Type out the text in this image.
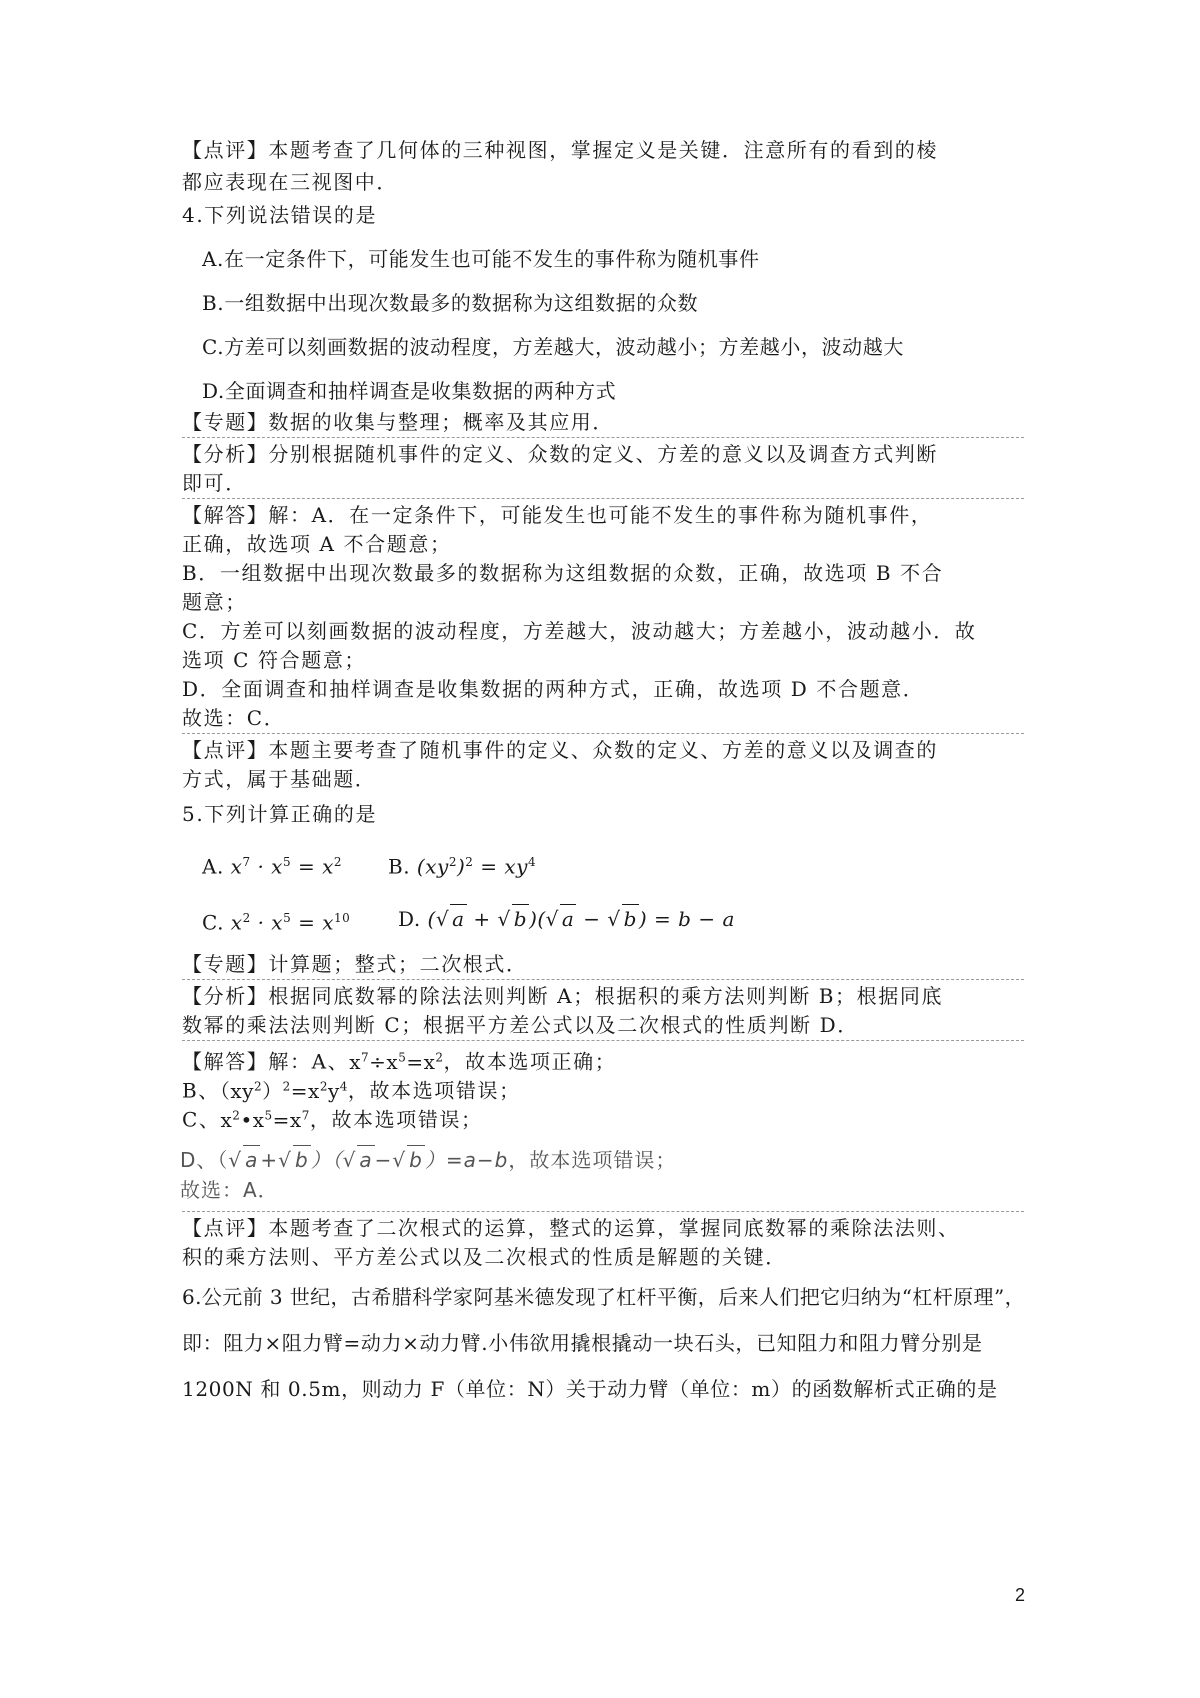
【点评】本题考查了几何体的三种视图，掌握定义是关键．注意所有的看到的棱
都应表现在三视图中．
4.下列说法错误的是
A.在一定条件下，可能发生也可能不发生的事件称为随机事件
B.一组数据中出现次数最多的数据称为这组数据的众数
C.方差可以刻画数据的波动程度，方差越大，波动越小；方差越小，波动越大
D.全面调查和抽样调查是收集数据的两种方式
【专题】数据的收集与整理；概率及其应用．
【分析】分别根据随机事件的定义、众数的定义、方差的意义以及调查方式判断
即可．
【解答】解：A．在一定条件下，可能发生也可能不发生的事件称为随机事件，
正确，故选项 A 不合题意；
B．一组数据中出现次数最多的数据称为这组数据的众数，正确，故选项 B 不合
题意；
C．方差可以刻画数据的波动程度，方差越大，波动越大；方差越小，波动越小．故
选项 C 符合题意；
D．全面调查和抽样调查是收集数据的两种方式，正确，故选项 D 不合题意．
故选：C．
【点评】本题主要考查了随机事件的定义、众数的定义、方差的意义以及调查的
方式，属于基础题．
5.下列计算正确的是
A. $x^7 \cdot x^5 = x^2$ B. $(xy^2)^2 = xy^4$
C. $x^2 \cdot x^5 = x^{10}$ D. (√ a + √ b )(√ a − √ b ) = b − a
【专题】计算题；整式；二次根式．
【分析】根据同底数幂的除法法则判断 A；根据积的乘方法则判断 B；根据同底
数幂的乘法法则判断 C；根据平方差公式以及二次根式的性质判断 D．
【解答】解：A、$x^7\div x^5=x^2$，故本选项正确；
B、$(xy^2)^2=x^2y^4$，故本选项错误；
C、$x^2•x^5=x^7$，故本选项错误；
D、（√ a +√ b ）（√ a −√ b ）=a−b，故本选项错误；
故选：A．
【点评】本题考查了二次根式的运算，整式的运算，掌握同底数幂的乘除法法则、
积的乘方法则、平方差公式以及二次根式的性质是解题的关键．
6.公元前 3 世纪，古希腊科学家阿基米德发现了杠杆平衡，后来人们把它归纳为“杠杆原理”，
即：阻力×阻力臂=动力×动力臂.小伟欲用撬根撬动一块石头，已知阻力和阻力臂分别是
1200N 和 0.5m，则动力 F（单位：N）关于动力臂（单位：m）的函数解析式正确的是
2
